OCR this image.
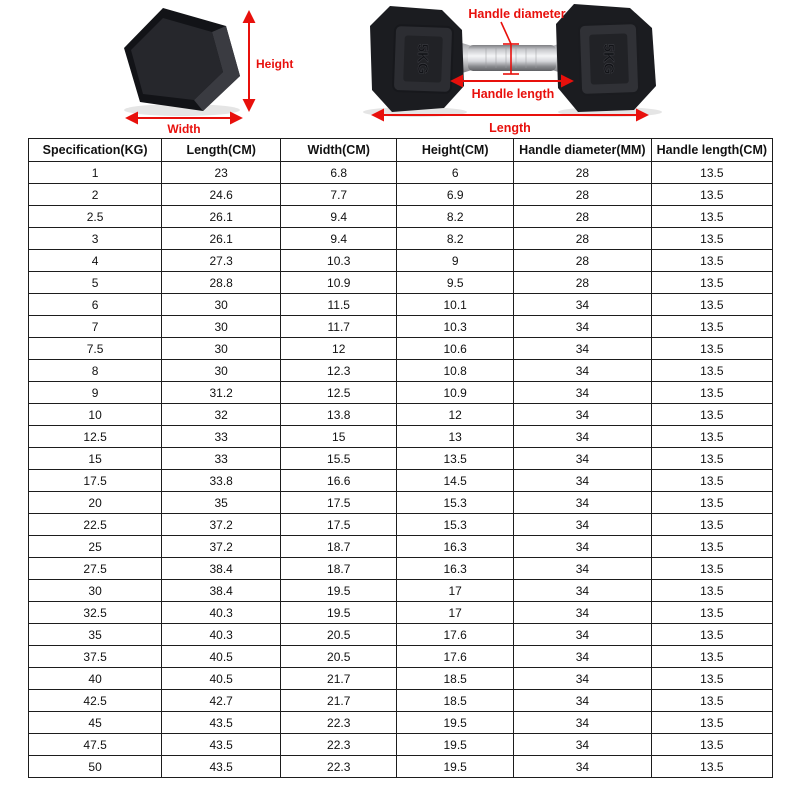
Height
Width
5KG	5KG
Handle diameter
Handle length
Length
Specification(KG)	Length(CM)	Width(CM)	Height(CM)	Handle diameter(MM)	Handle length(CM)
1	23	6.8	6	28	13.5
2	24.6	7.7	6.9	28	13.5
2.5	26.1	9.4	8.2	28	13.5
3	26.1	9.4	8.2	28	13.5
4	27.3	10.3	9	28	13.5
5	28.8	10.9	9.5	28	13.5
6	30	11.5	10.1	34	13.5
7	30	11.7	10.3	34	13.5
7.5	30	12	10.6	34	13.5
8	30	12.3	10.8	34	13.5
9	31.2	12.5	10.9	34	13.5
10	32	13.8	12	34	13.5
12.5	33	15	13	34	13.5
15	33	15.5	13.5	34	13.5
17.5	33.8	16.6	14.5	34	13.5
20	35	17.5	15.3	34	13.5
22.5	37.2	17.5	15.3	34	13.5
25	37.2	18.7	16.3	34	13.5
27.5	38.4	18.7	16.3	34	13.5
30	38.4	19.5	17	34	13.5
32.5	40.3	19.5	17	34	13.5
35	40.3	20.5	17.6	34	13.5
37.5	40.5	20.5	17.6	34	13.5
40	40.5	21.7	18.5	34	13.5
42.5	42.7	21.7	18.5	34	13.5
45	43.5	22.3	19.5	34	13.5
47.5	43.5	22.3	19.5	34	13.5
50	43.5	22.3	19.5	34	13.5
